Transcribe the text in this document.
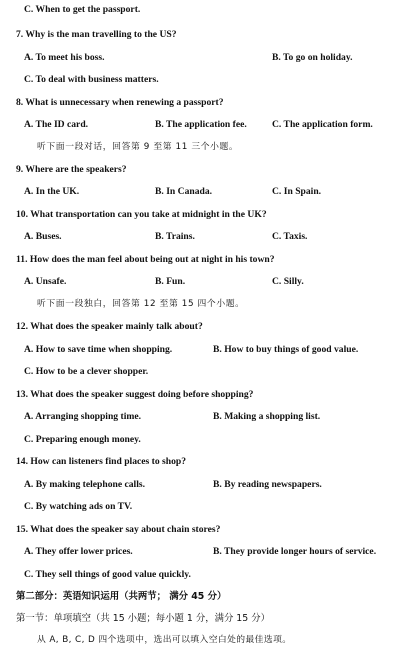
C. When to get the passport.
7. Why is the man travelling to the US?
A. To meet his boss.	B. To go on holiday.
C. To deal with business matters.
8. What is unnecessary when renewing a passport?
A. The ID card.	B. The application fee.	C. The application form.
听下面一段对话，回答第 9 至第 11 三个小题。
9. Where are the speakers?
A. In the UK.	B. In Canada.	C. In Spain.
10. What transportation can you take at midnight in the UK?
A. Buses.	B. Trains.	C. Taxis.
11. How does the man feel about being out at night in his town?
A. Unsafe.	B. Fun.	C. Silly.
听下面一段独白，回答第 12 至第 15 四个小题。
12. What does the speaker mainly talk about?
A. How to save time when shopping.	B. How to buy things of good value.
C. How to be a clever shopper.
13. What does the speaker suggest doing before shopping?
A. Arranging shopping time.	B. Making a shopping list.
C. Preparing enough money.
14. How can listeners find places to shop?
A. By making telephone calls.	B. By reading newspapers.
C. By watching ads on TV.
15. What does the speaker say about chain stores?
A. They offer lower prices.	B. They provide longer hours of service.
C. They sell things of good value quickly.
第二部分：英语知识运用（共两节； 满分 45 分）
第一节：单项填空（共 15 小题；每小题 1 分，满分 15 分）
从 A, B, C, D 四个选项中，选出可以填入空白处的最佳选项。
